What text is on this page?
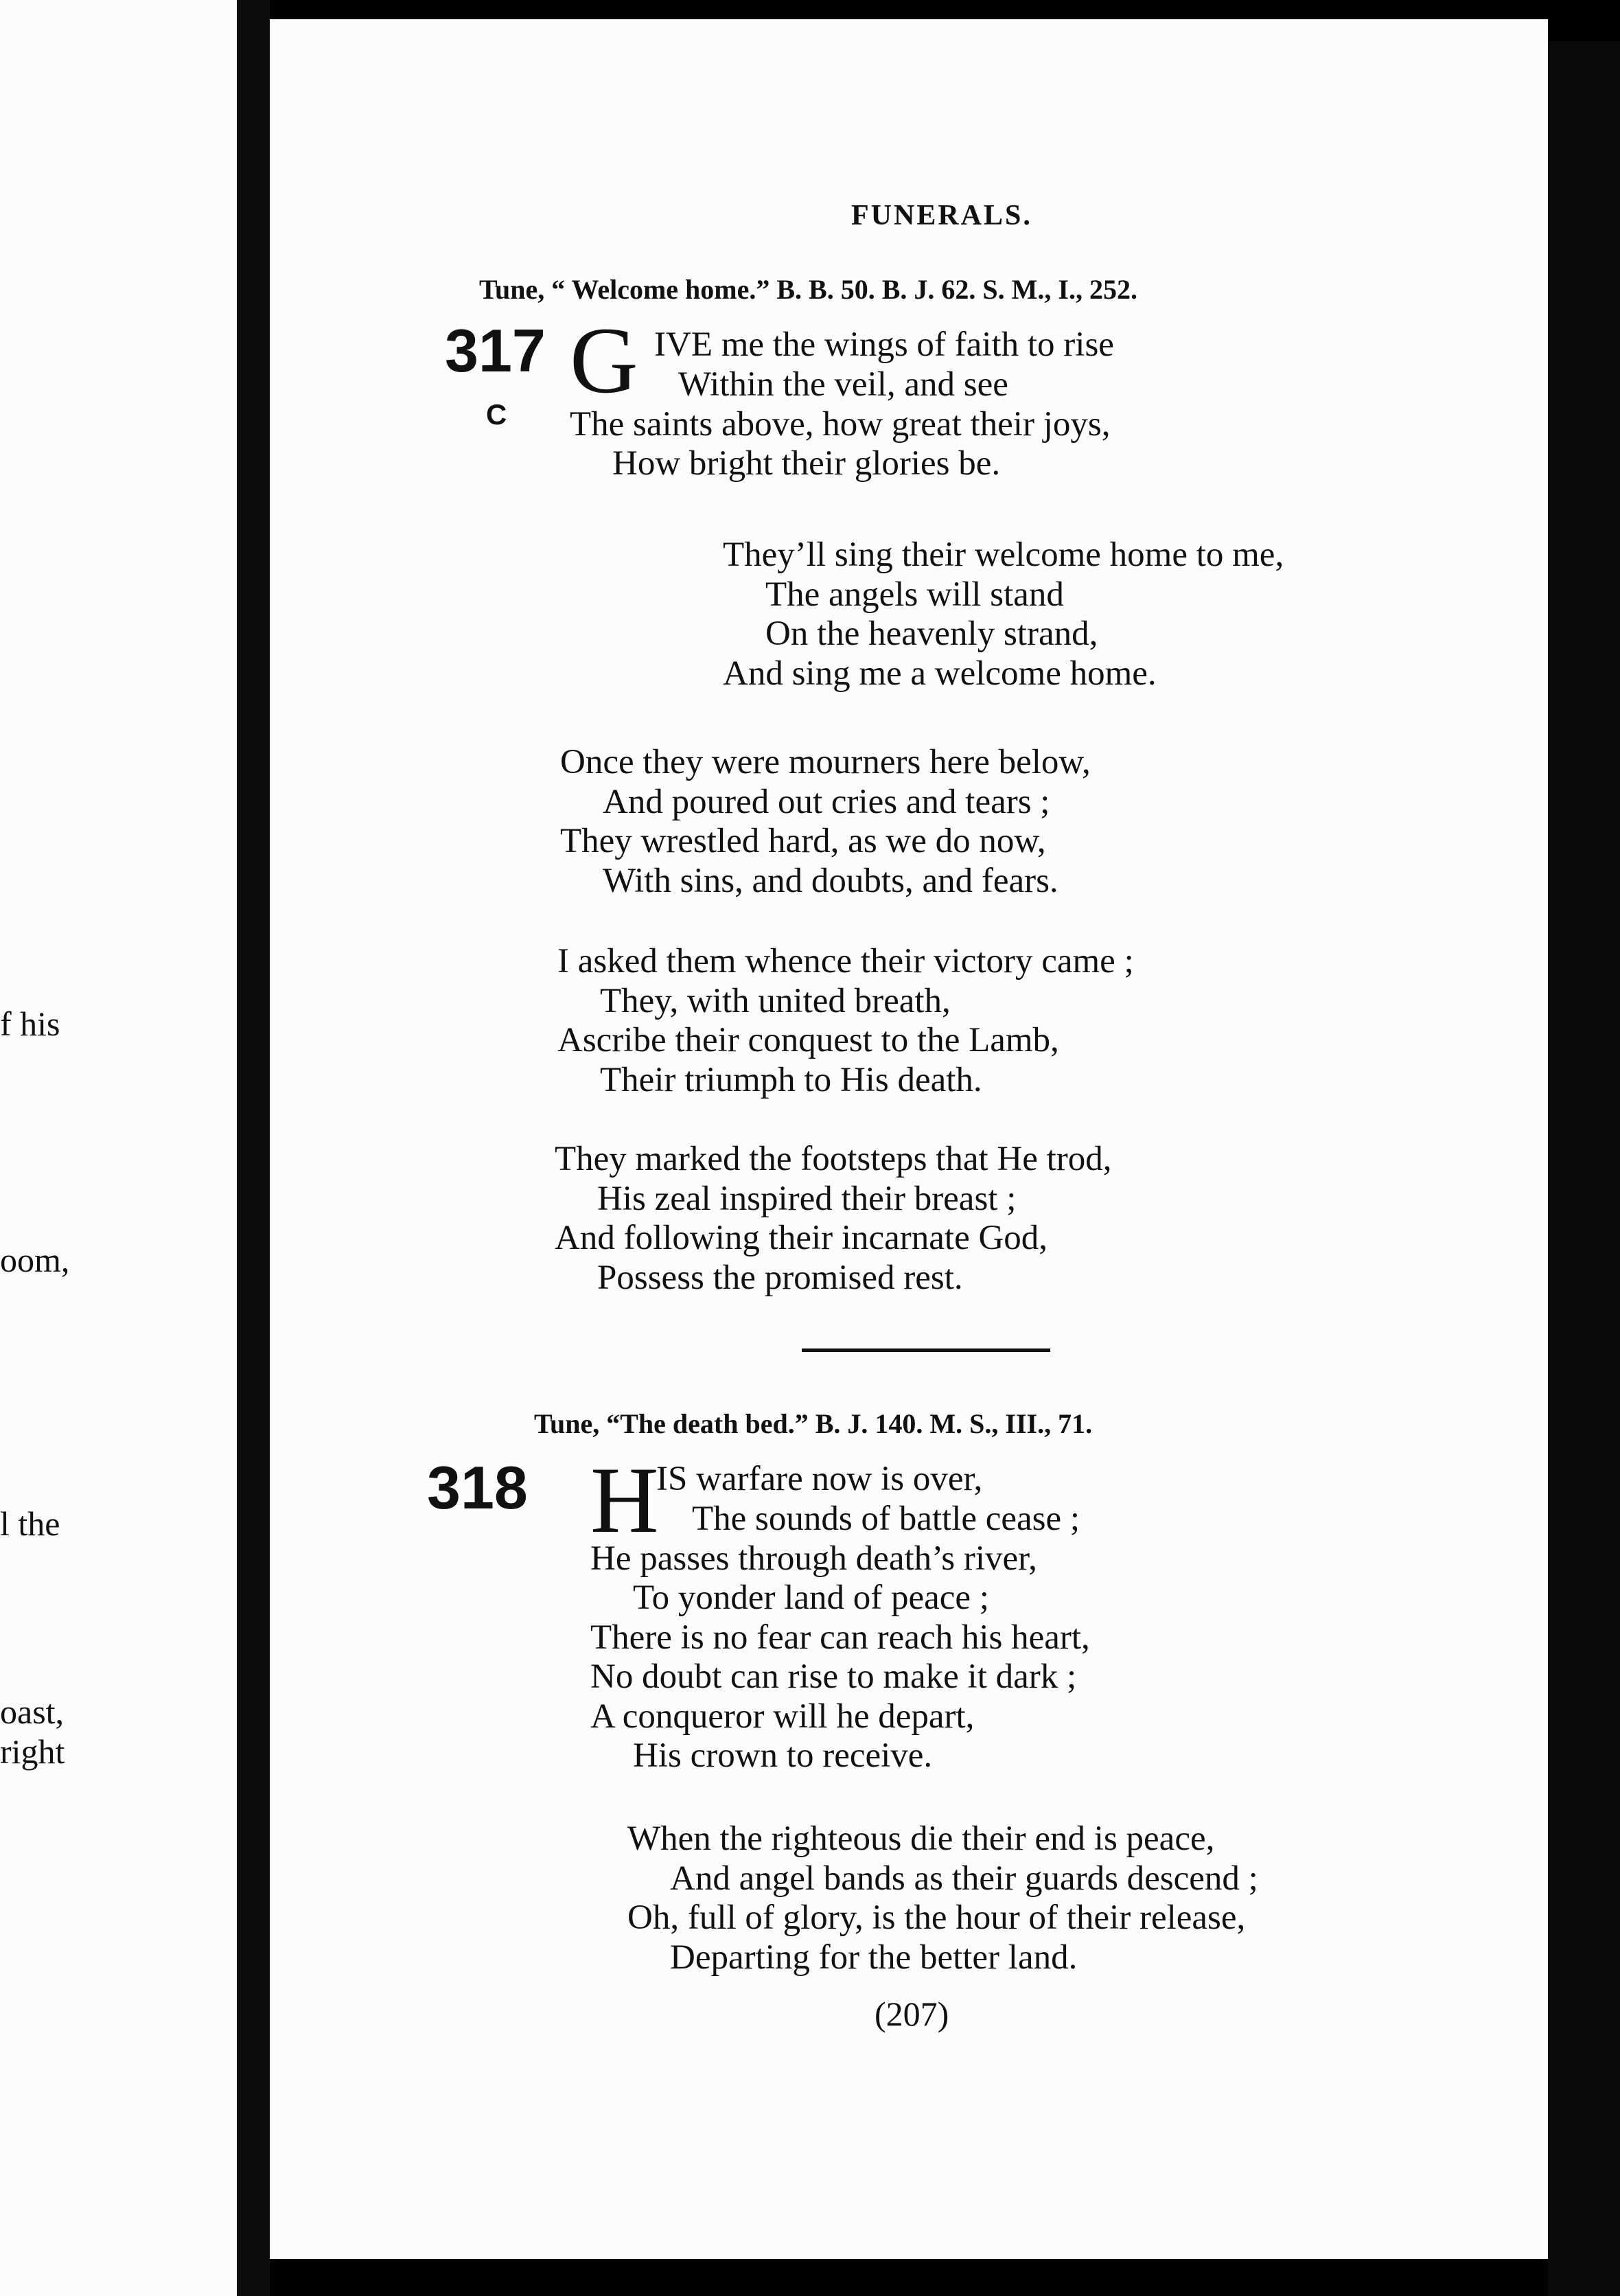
f his
oom,
l the
oast,
right
FUNERALS.
Tune, “ Welcome home.” B. B. 50. B. J. 62. S. M., I., 252.
317
C
G IVE me the wings of faith to rise
Within the veil, and see
The saints above, how great their joys,
How bright their glories be.
They’ll sing their welcome home to me,
The angels will stand
On the heavenly strand,
And sing me a welcome home.
Once they were mourners here below,
And poured out cries and tears ;
They wrestled hard, as we do now,
With sins, and doubts, and fears.
I asked them whence their victory came ;
They, with united breath,
Ascribe their conquest to the Lamb,
Their triumph to His death.
They marked the footsteps that He trod,
His zeal inspired their breast ;
And following their incarnate God,
Possess the promised rest.
Tune, “The death bed.” B. J. 140. M. S., III., 71.
318 H
IS warfare now is over,
The sounds of battle cease ;
He passes through death’s river,
To yonder land of peace ;
There is no fear can reach his heart,
No doubt can rise to make it dark ;
A conqueror will he depart,
His crown to receive.
When the righteous die their end is peace,
And angel bands as their guards descend ;
Oh, full of glory, is the hour of their release,
Departing for the better land.
(207)
